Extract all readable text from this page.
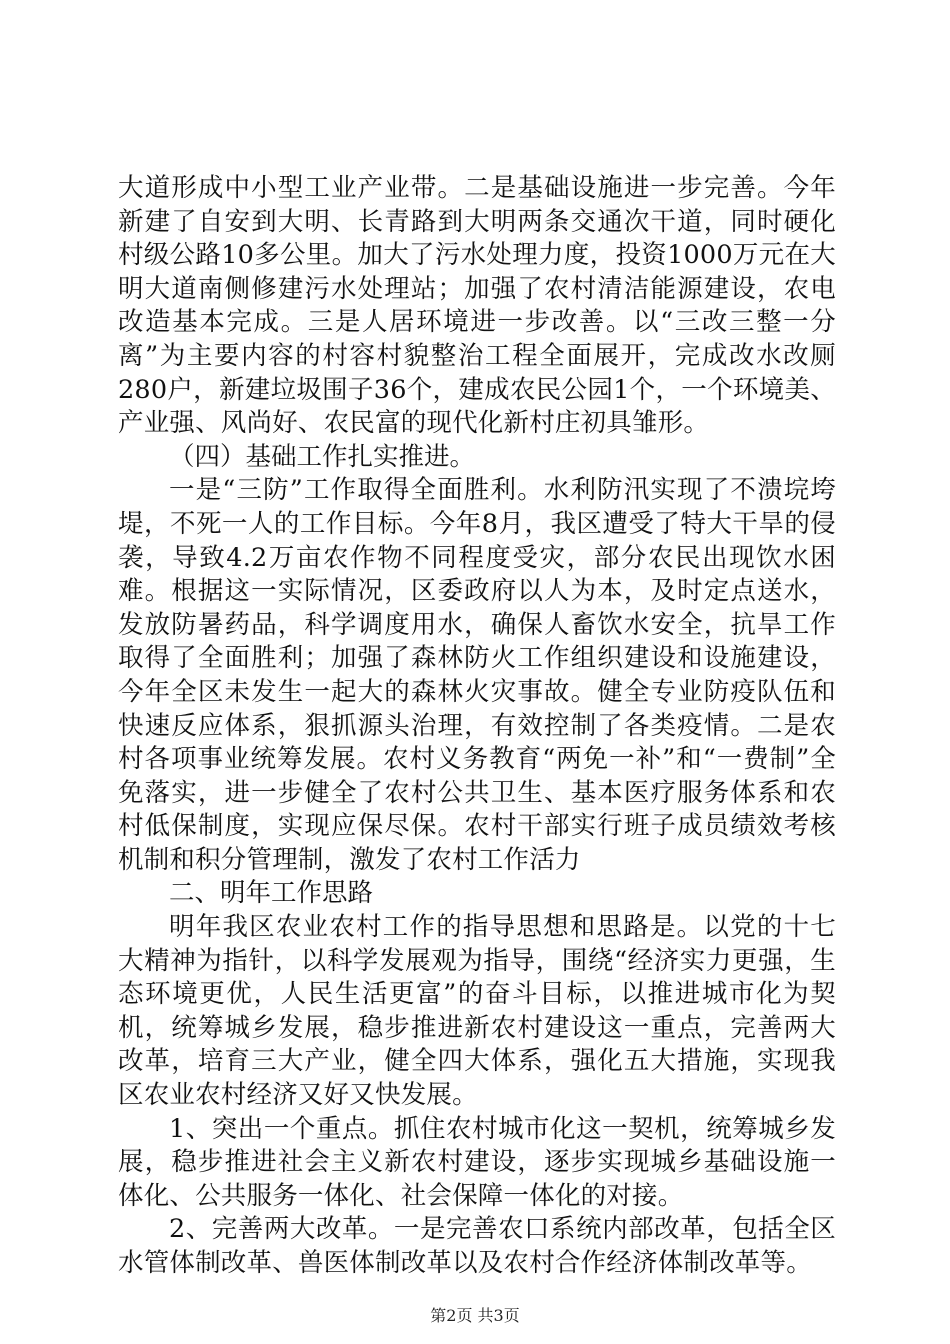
大道形成中小型工业产业带。二是基础设施进一步完善。今年新建了自安到大明、长青路到大明两条交通次干道，同时硬化村级公路10多公里。加大了污水处理力度，投资1000万元在大明大道南侧修建污水处理站；加强了农村清洁能源建设，农电改造基本完成。三是人居环境进一步改善。以“三改三整一分离”为主要内容的村容村貌整治工程全面展开，完成改水改厕280户，新建垃圾围子36个，建成农民公园1个，一个环境美、产业强、风尚好、农民富的现代化新村庄初具雏形。

（四）基础工作扎实推进。

一是“三防”工作取得全面胜利。水利防汛实现了不溃垸垮堤，不死一人的工作目标。今年8月，我区遭受了特大干旱的侵袭，导致4.2万亩农作物不同程度受灾，部分农民出现饮水困难。根据这一实际情况，区委政府以人为本，及时定点送水，发放防暑药品，科学调度用水，确保人畜饮水安全，抗旱工作取得了全面胜利；加强了森林防火工作组织建设和设施建设，今年全区未发生一起大的森林火灾事故。健全专业防疫队伍和快速反应体系，狠抓源头治理，有效控制了各类疫情。二是农村各项事业统筹发展。农村义务教育“两免一补”和“一费制”全免落实，进一步健全了农村公共卫生、基本医疗服务体系和农村低保制度，实现应保尽保。农村干部实行班子成员绩效考核机制和积分管理制，激发了农村工作活力

二、明年工作思路

明年我区农业农村工作的指导思想和思路是。以党的十七大精神为指针，以科学发展观为指导，围绕“经济实力更强，生态环境更优，人民生活更富”的奋斗目标，以推进城市化为契机，统筹城乡发展，稳步推进新农村建设这一重点，完善两大改革，培育三大产业，健全四大体系，强化五大措施，实现我区农业农村经济又好又快发展。

1、突出一个重点。抓住农村城市化这一契机，统筹城乡发展，稳步推进社会主义新农村建设，逐步实现城乡基础设施一体化、公共服务一体化、社会保障一体化的对接。

2、完善两大改革。一是完善农口系统内部改革，包括全区水管体制改革、兽医体制改革以及农村合作经济体制改革等。

第2页 共3页
